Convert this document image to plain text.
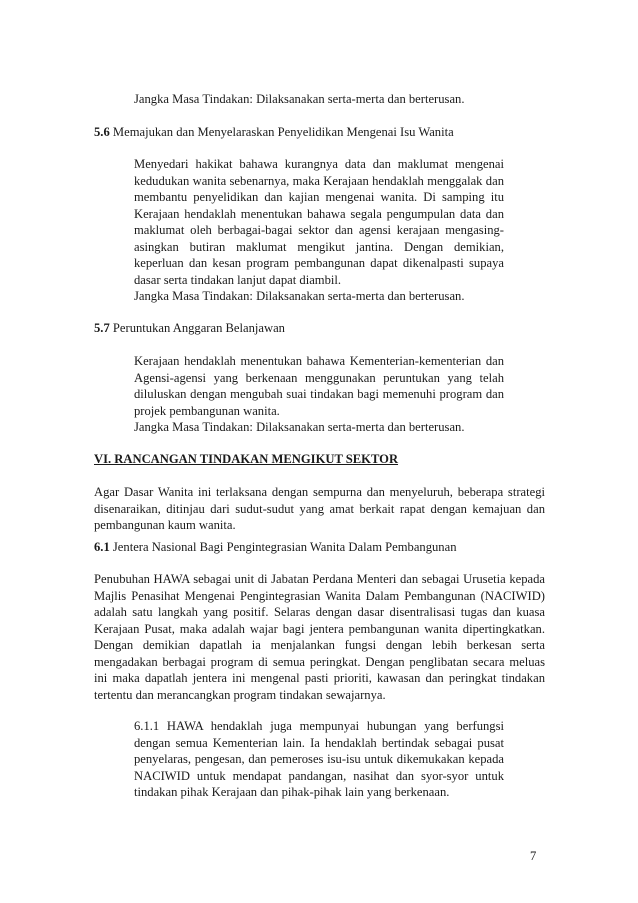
Jangka Masa Tindakan: Dilaksanakan serta-merta dan berterusan.

5.6 Memajukan dan Menyelaraskan Penyelidikan Mengenai Isu Wanita

Menyedari hakikat bahawa kurangnya data dan maklumat mengenai kedudukan wanita sebenarnya, maka Kerajaan hendaklah menggalak dan membantu penyelidikan dan kajian mengenai wanita. Di samping itu Kerajaan hendaklah menentukan bahawa segala pengumpulan data dan maklumat oleh berbagai-bagai sektor dan agensi kerajaan mengasing-asingkan butiran maklumat mengikut jantina. Dengan demikian, keperluan dan kesan program pembangunan dapat dikenalpasti supaya dasar serta tindakan lanjut dapat diambil.

Jangka Masa Tindakan: Dilaksanakan serta-merta dan berterusan.

5.7 Peruntukan Anggaran Belanjawan

Kerajaan hendaklah menentukan bahawa Kementerian-kementerian dan Agensi-agensi yang berkenaan menggunakan peruntukan yang telah diluluskan dengan mengubah suai tindakan bagi memenuhi program dan projek pembangunan wanita.

Jangka Masa Tindakan: Dilaksanakan serta-merta dan berterusan.

VI. RANCANGAN TINDAKAN MENGIKUT SEKTOR

Agar Dasar Wanita ini terlaksana dengan sempurna dan menyeluruh, beberapa strategi disenaraikan, ditinjau dari sudut-sudut yang amat berkait rapat dengan kemajuan dan pembangunan kaum wanita.

6.1 Jentera Nasional Bagi Pengintegrasian Wanita Dalam Pembangunan

Penubuhan HAWA sebagai unit di Jabatan Perdana Menteri dan sebagai Urusetia kepada Majlis Penasihat Mengenai Pengintegrasian Wanita Dalam Pembangunan (NACIWID) adalah satu langkah yang positif. Selaras dengan dasar disentralisasi tugas dan kuasa Kerajaan Pusat, maka adalah wajar bagi jentera pembangunan wanita dipertingkatkan. Dengan demikian dapatlah ia menjalankan fungsi dengan lebih berkesan serta mengadakan berbagai program di semua peringkat. Dengan penglibatan secara meluas ini maka dapatlah jentera ini mengenal pasti prioriti, kawasan dan peringkat tindakan tertentu dan merancangkan program tindakan sewajarnya.

6.1.1 HAWA hendaklah juga mempunyai hubungan yang berfungsi dengan semua Kementerian lain. Ia hendaklah bertindak sebagai pusat penyelaras, pengesan, dan pemeroses isu-isu untuk dikemukakan kepada NACIWID untuk mendapat pandangan, nasihat dan syor-syor untuk tindakan pihak Kerajaan dan pihak-pihak lain yang berkenaan.

7
